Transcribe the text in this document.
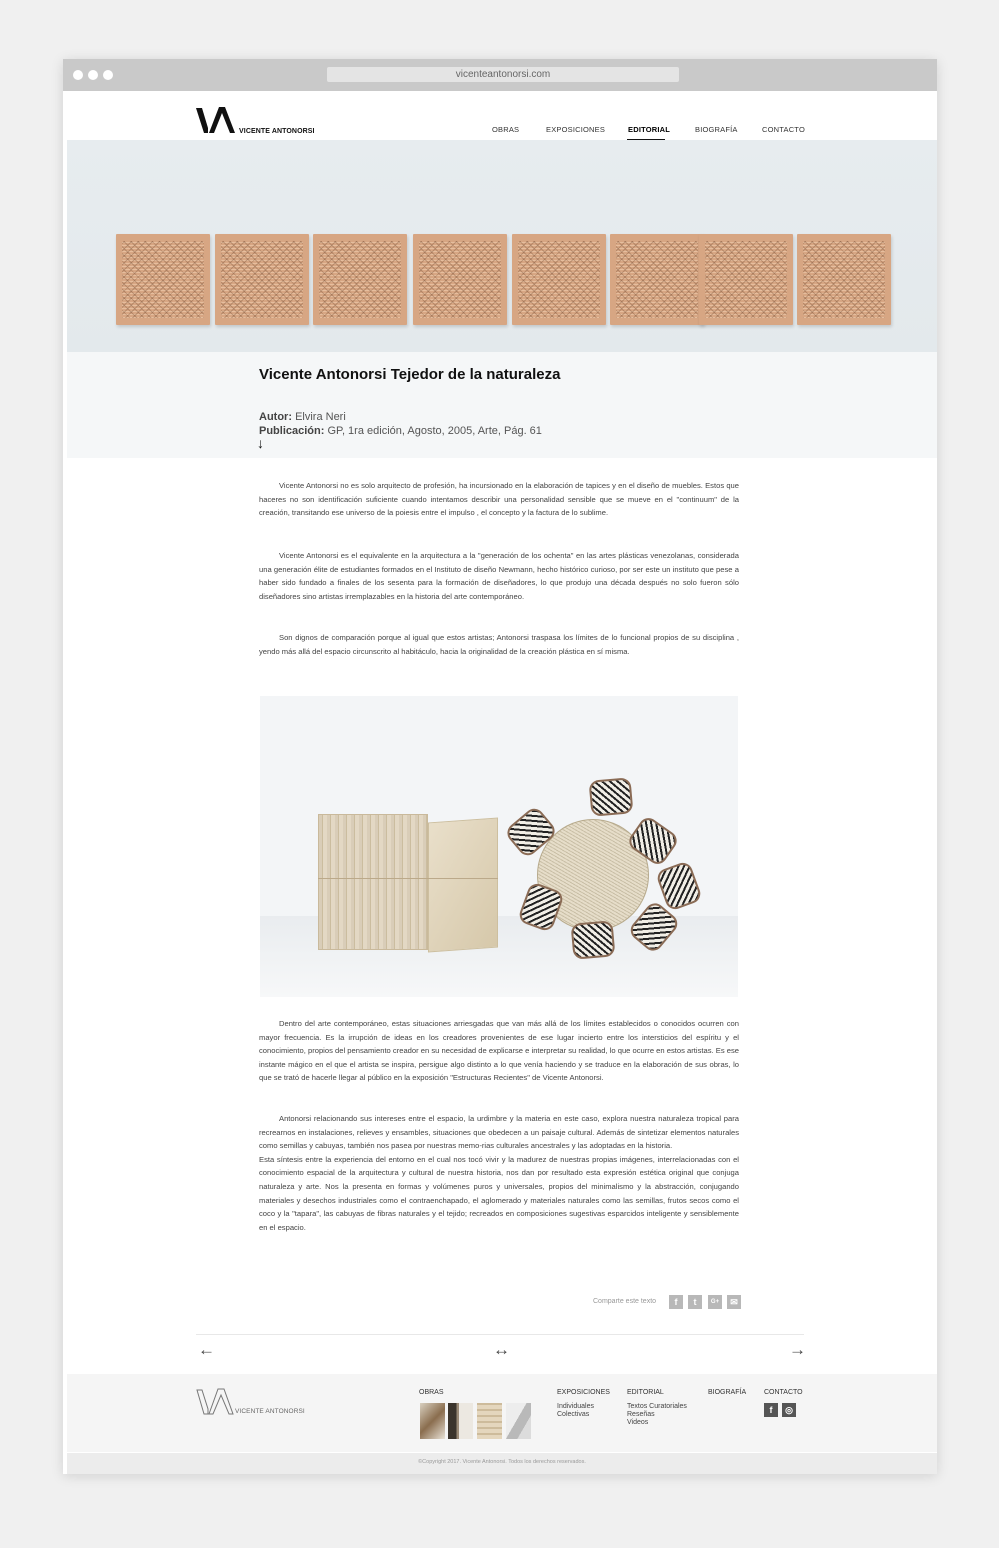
vicenteantonorsi.com
VICENTE ANTONORSI	OBRAS	EXPOSICIONES	EDITORIAL	BIOGRAFÍA	CONTACTO
Vicente Antonorsi Tejedor de la naturaleza
Autor: Elvira Neri
Publicación: GP, 1ra edición, Agosto, 2005, Arte, Pág. 61
↓

Vicente Antonorsi no es solo arquitecto de profesión, ha incursionado en la elaboración de tapices y en el diseño de muebles. Estos que haceres no son identificación suficiente cuando intentamos describir una personalidad sensible que se mueve en el "continuum" de la creación, transitando ese universo de la poiesis entre el impulso , el concepto y la factura de lo sublime.

Vicente Antonorsi es el equivalente en la arquitectura a la "generación de los ochenta" en las artes plásticas venezolanas, considerada una generación élite de estudiantes formados en el Instituto de diseño Newmann, hecho histórico curioso, por ser este un instituto que pese a haber sido fundado a finales de los sesenta para la formación de diseñadores, lo que produjo una década después no solo fueron sólo diseñadores sino artistas irremplazables en la historia del arte contemporáneo.

Son dignos de comparación porque al igual que estos artistas; Antonorsi traspasa los límites de lo funcional propios de su disciplina , yendo más allá del espacio circunscrito al habitáculo, hacia la originalidad de la creación plástica en sí misma.

Dentro del arte contemporáneo, estas situaciones arriesgadas que van más allá de los límites establecidos o conocidos ocurren con mayor frecuencia. Es la irrupción de ideas en los creadores provenientes de ese lugar incierto entre los intersticios del espíritu y el conocimiento, propios del pensamiento creador en su necesidad de explicarse e interpretar su realidad, lo que ocurre en estos artistas. Es ese instante mágico en el que el artista se inspira, persigue algo distinto a lo que venía haciendo y se traduce en la elaboración de sus obras, lo que se trató de hacerle llegar al público en la exposición "Estructuras Recientes" de Vicente Antonorsi.

Antonorsi relacionando sus intereses entre el espacio, la urdimbre y la materia en este caso, explora nuestra naturaleza tropical para recrearnos en instalaciones, relieves y ensambles, situaciones que obedecen a un paisaje cultural. Además de sintetizar elementos naturales como semillas y cabuyas, también nos pasea por nuestras memo-rias culturales ancestrales y las adoptadas en la historia.
Esta síntesis entre la experiencia del entorno en el cual nos tocó vivir y la madurez de nuestras propias imágenes, interrelacionadas con el conocimiento espacial de la arquitectura y cultural de nuestra historia, nos dan por resultado esta expresión estética original que conjuga naturaleza y arte. Nos la presenta en formas y volúmenes puros y universales, propios del minimalismo y la abstracción, conjugando materiales y desechos industriales como el contraenchapado, el aglomerado y materiales naturales como las semillas, frutos secos como el coco y la "tapara", las cabuyas de fibras naturales y el tejido; recreados en composiciones sugestivas esparcidos inteligente y sensiblemente en el espacio.

Comparte este texto	f	t	G+	✉
←	↔	→
VICENTE ANTONORSI
OBRAS	EXPOSICIONES
Individuales
Colectivas
EDITORIAL
Textos Curatoriales
Reseñas
Videos
BIOGRAFÍA	CONTACTO
f	◎
©Copyright 2017. Vicente Antonorsi. Todos los derechos reservados.
